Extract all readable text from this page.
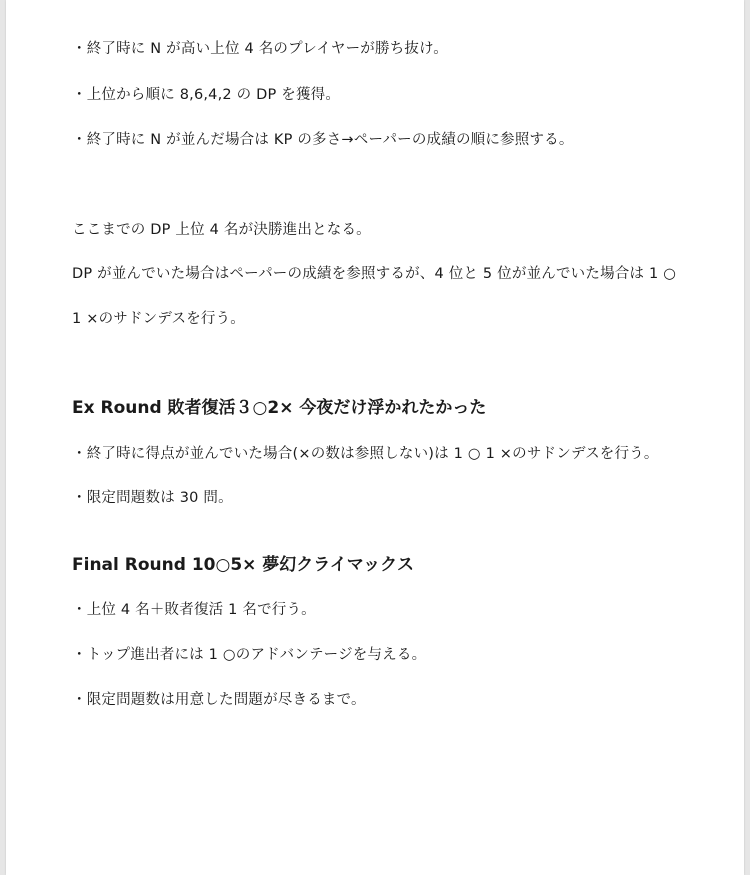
・終了時に N が高い上位 4 名のプレイヤーが勝ち抜け。
・上位から順に 8,6,4,2 の DP を獲得。
・終了時に N が並んだ場合は KP の多さ→ペーパーの成績の順に参照する。
ここまでの DP 上位 4 名が決勝進出となる。
DP が並んでいた場合はペーパーの成績を参照するが、4 位と 5 位が並んでいた場合は 1 ○
1 ×のサドンデスを行う。
Ex Round 敗者復活３○2× 今夜だけ浮かれたかった
・終了時に得点が並んでいた場合(×の数は参照しない)は 1 ○ 1 ×のサドンデスを行う。
・限定問題数は 30 問。
Final Round 10○5× 夢幻クライマックス
・上位 4 名＋敗者復活 1 名で行う。
・トップ進出者には 1 ○のアドバンテージを与える。
・限定問題数は用意した問題が尽きるまで。
